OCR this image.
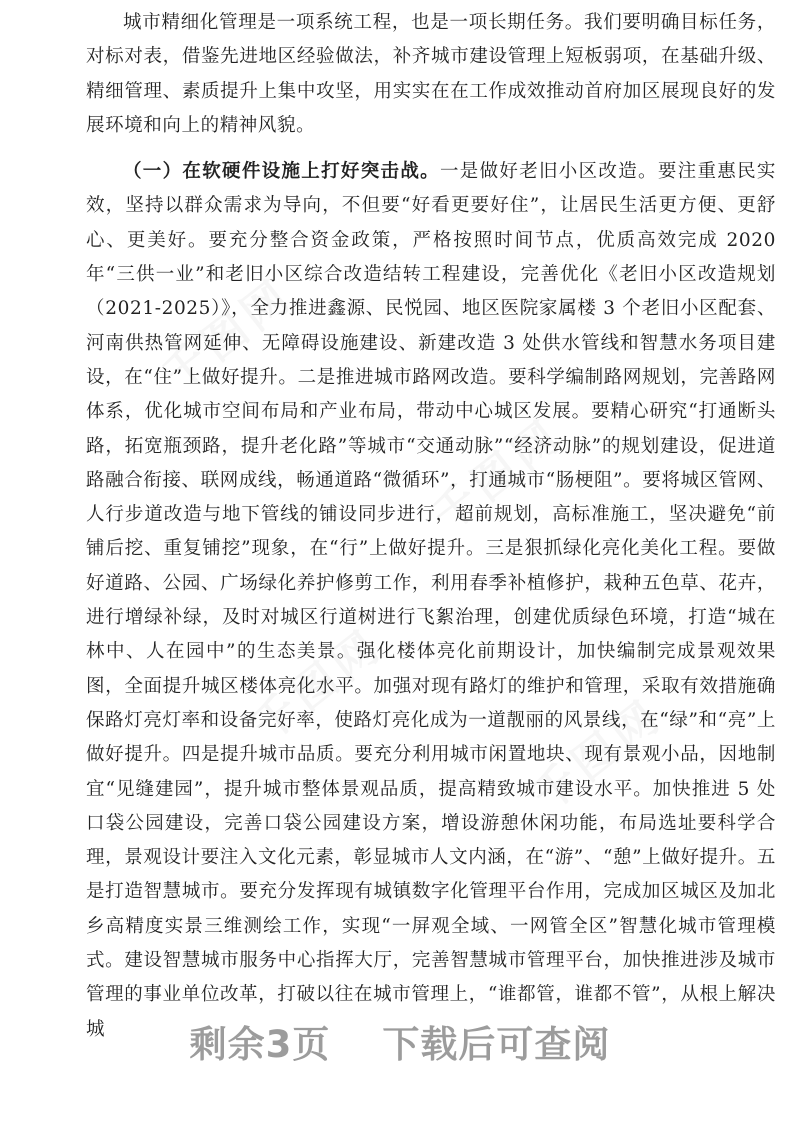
千图网
千图网
千图网
千图网

城市精细化管理是一项系统工程，也是一项长期任务。我们要明确目标任务，对标对表，借鉴先进地区经验做法，补齐城市建设管理上短板弱项，在基础升级、精细管理、素质提升上集中攻坚，用实实在在工作成效推动首府加区展现良好的发展环境和向上的精神风貌。

（一）在软硬件设施上打好突击战。一是做好老旧小区改造。要注重惠民实效，坚持以群众需求为导向，不但要“好看更要好住”，让居民生活更方便、更舒心、更美好。要充分整合资金政策，严格按照时间节点，优质高效完成 2020 年“三供一业”和老旧小区综合改造结转工程建设，完善优化《老旧小区改造规划（2021-2025）》，全力推进鑫源、民悦园、地区医院家属楼 3 个老旧小区配套、河南供热管网延伸、无障碍设施建设、新建改造 3 处供水管线和智慧水务项目建设，在“住”上做好提升。二是推进城市路网改造。要科学编制路网规划，完善路网体系，优化城市空间布局和产业布局，带动中心城区发展。要精心研究“打通断头路，拓宽瓶颈路，提升老化路”等城市“交通动脉”“经济动脉”的规划建设，促进道路融合衔接、联网成线，畅通道路“微循环”，打通城市“肠梗阻”。要将城区管网、人行步道改造与地下管线的铺设同步进行，超前规划，高标准施工，坚决避免“前铺后挖、重复铺挖”现象，在“行”上做好提升。三是狠抓绿化亮化美化工程。要做好道路、公园、广场绿化养护修剪工作，利用春季补植修护，栽种五色草、花卉，进行增绿补绿，及时对城区行道树进行飞絮治理，创建优质绿色环境，打造“城在林中、人在园中”的生态美景。强化楼体亮化前期设计，加快编制完成景观效果图，全面提升城区楼体亮化水平。加强对现有路灯的维护和管理，采取有效措施确保路灯亮灯率和设备完好率，使路灯亮化成为一道靓丽的风景线，在“绿”和“亮”上做好提升。四是提升城市品质。要充分利用城市闲置地块、现有景观小品，因地制宜“见缝建园”，提升城市整体景观品质，提高精致城市建设水平。加快推进 5 处口袋公园建设，完善口袋公园建设方案，增设游憩休闲功能，布局选址要科学合理，景观设计要注入文化元素，彰显城市人文内涵，在“游”、“憩”上做好提升。五是打造智慧城市。要充分发挥现有城镇数字化管理平台作用，完成加区城区及加北乡高精度实景三维测绘工作，实现“一屏观全域、一网管全区”智慧化城市管理模式。建设智慧城市服务中心指挥大厅，完善智慧城市管理平台，加快推进涉及城市管理的事业单位改革，打破以往在城市管理上，“谁都管，谁都不管”，从根上解决城	剩余3页 下载后可查阅
